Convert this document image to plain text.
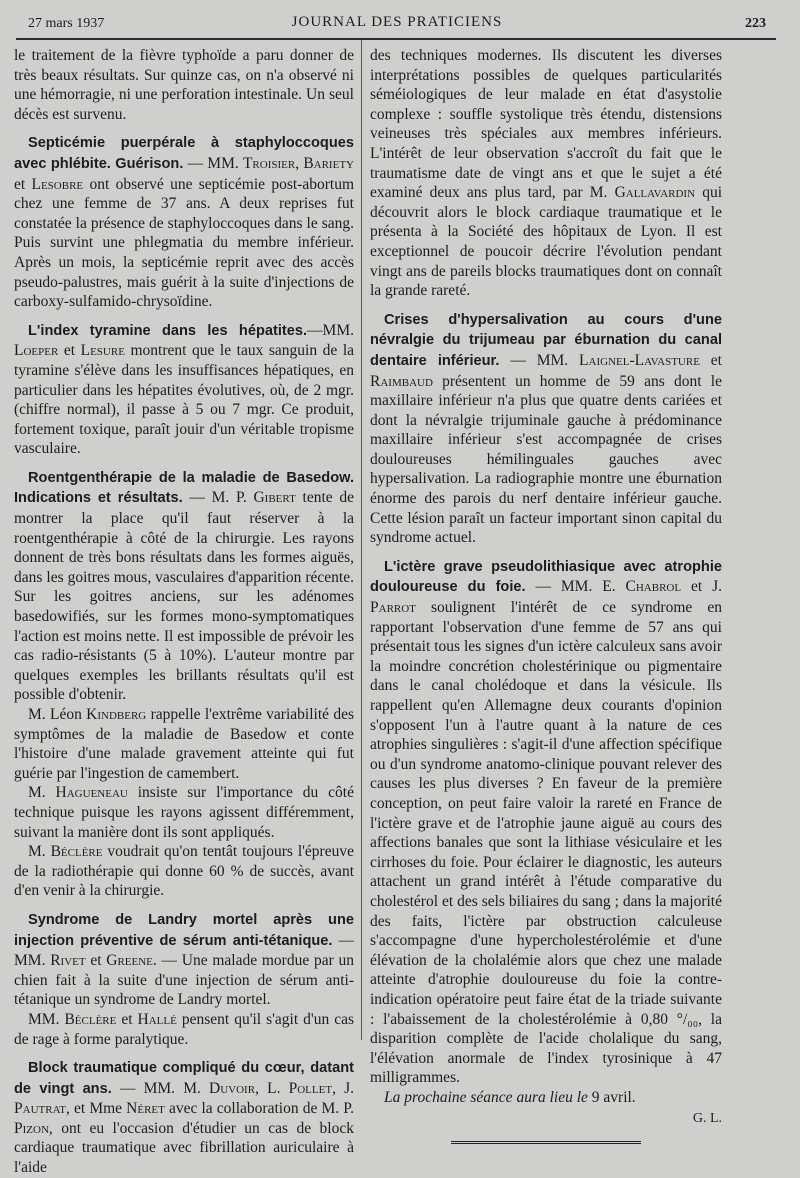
27 mars 1937	JOURNAL DES PRATICIENS	223

le traitement de la fièvre typhoïde a paru donner de très beaux résultats. Sur quinze cas, on n'a observé ni une hémorragie, ni une perforation intestinale. Un seul décès est survenu.

Septicémie puerpérale à staphyloccoques avec phlébite. Guérison. — MM. Troisier, Bariety et Lesobre ont observé une septicémie post-abortum chez une femme de 37 ans. A deux reprises fut constatée la présence de staphyloccoques dans le sang. Puis survint une phlegmatia du membre inférieur. Après un mois, la septicémie reprit avec des accès pseudo-palustres, mais guérit à la suite d'injections de carboxy-sulfamido-chrysoïdine.

L'index tyramine dans les hépatites.—MM. Loeper et Lesure montrent que le taux sanguin de la tyramine s'élève dans les insuffisances hépatiques, en particulier dans les hépatites évolutives, où, de 2 mgr. (chiffre normal), il passe à 5 ou 7 mgr. Ce produit, fortement toxique, paraît jouir d'un véritable tropisme vasculaire.

Roentgenthérapie de la maladie de Basedow. Indications et résultats. — M. P. Gibert tente de montrer la place qu'il faut réserver à la roentgenthérapie à côté de la chirurgie. Les rayons donnent de très bons résultats dans les formes aiguës, dans les goitres mous, vasculaires d'apparition récente. Sur les goitres anciens, sur les adénomes basedowifiés, sur les formes mono-symptomatiques l'action est moins nette. Il est impossible de prévoir les cas radio-résistants (5 à 10%). L'auteur montre par quelques exemples les brillants résultats qu'il est possible d'obtenir.

M. Léon Kindberg rappelle l'extrême variabilité des symptômes de la maladie de Basedow et conte l'histoire d'une malade gravement atteinte qui fut guérie par l'ingestion de camembert.

M. Hagueneau insiste sur l'importance du côté technique puisque les rayons agissent différemment, suivant la manière dont ils sont appliqués.

M. Béclère voudrait qu'on tentât toujours l'épreuve de la radiothérapie qui donne 60 % de succès, avant d'en venir à la chirurgie.

Syndrome de Landry mortel après une injection préventive de sérum anti-tétanique. — MM. Rivet et Greene. — Une malade mordue par un chien fait à la suite d'une injection de sérum anti-tétanique un syndrome de Landry mortel.

MM. Béclère et Hallé pensent qu'il s'agit d'un cas de rage à forme paralytique.

Block traumatique compliqué du cœur, datant de vingt ans. — MM. M. Duvoir, L. Pollet, J. Pautrat, et Mme Néret avec la collaboration de M. P. Pizon, ont eu l'occasion d'étudier un cas de block cardiaque traumatique avec fibrillation auriculaire à l'aide

des techniques modernes. Ils discutent les diverses interprétations possibles de quelques particularités séméiologiques de leur malade en état d'asystolie complexe : souffle systolique très étendu, distensions veineuses très spéciales aux membres inférieurs. L'intérêt de leur observation s'accroît du fait que le traumatisme date de vingt ans et que le sujet a été examiné deux ans plus tard, par M. Gallavardin qui découvrit alors le block cardiaque traumatique et le présenta à la Société des hôpitaux de Lyon. Il est exceptionnel de poucoir décrire l'évolution pendant vingt ans de pareils blocks traumatiques dont on connaît la grande rareté.

Crises d'hypersalivation au cours d'une névralgie du trijumeau par éburnation du canal dentaire inférieur. — MM. Laignel-Lavasture et Raimbaud présentent un homme de 59 ans dont le maxillaire inférieur n'a plus que quatre dents cariées et dont la névralgie trijuminale gauche à prédominance maxillaire inférieur s'est accompagnée de crises douloureuses hémilinguales gauches avec hypersalivation. La radiographie montre une éburnation énorme des parois du nerf dentaire inférieur gauche. Cette lésion paraît un facteur important sinon capital du syndrome actuel.

L'ictère grave pseudolithiasique avec atrophie douloureuse du foie. — MM. E. Chabrol et J. Parrot soulignent l'intérêt de ce syndrome en rapportant l'observation d'une femme de 57 ans qui présentait tous les signes d'un ictère calculeux sans avoir la moindre concrétion cholestérinique ou pigmentaire dans le canal cholédoque et dans la vésicule. Ils rappellent qu'en Allemagne deux courants d'opinion s'opposent l'un à l'autre quant à la nature de ces atrophies singulières : s'agit-il d'une affection spécifique ou d'un syndrome anatomo-clinique pouvant relever des causes les plus diverses ? En faveur de la première conception, on peut faire valoir la rareté en France de l'ictère grave et de l'atrophie jaune aiguë au cours des affections banales que sont la lithiase vésiculaire et les cirrhoses du foie. Pour éclairer le diagnostic, les auteurs attachent un grand intérêt à l'étude comparative du cholestérol et des sels biliaires du sang ; dans la majorité des faits, l'ictère par obstruction calculeuse s'accompagne d'une hypercholestérolémie et d'une élévation de la cholalémie alors que chez une malade atteinte d'atrophie douloureuse du foie la contre-indication opératoire peut faire état de la triade suivante : l'abaissement de la cholestérolémie à 0,80 °/₀₀, la disparition complète de l'acide cholalique du sang, l'élévation anormale de l'index tyrosinique à 47 milligrammes.

La prochaine séance aura lieu le 9 avril.

G. L.
